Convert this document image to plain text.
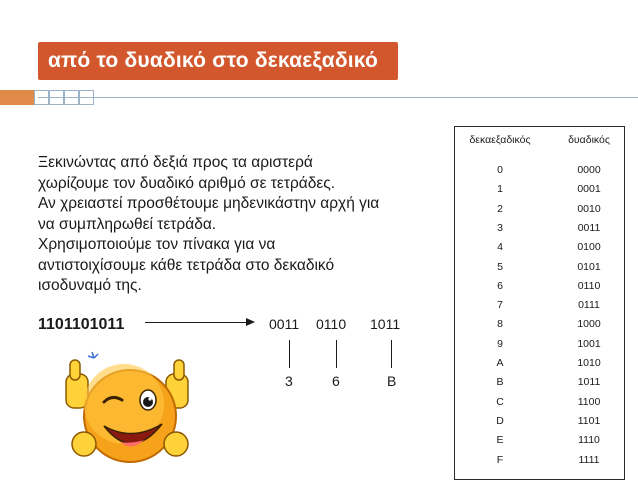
από το δυαδικό στο δεκαεξαδικό
Ξεκινώντας από δεξιά προς τα αριστερά
χωρίζουμε τον δυαδικό αριθμό σε τετράδες.
Αν χρειαστεί προσθέτουμε μηδενικάστην αρχή για
να συμπληρωθεί τετράδα.
Χρησιμοποιούμε τον πίνακα για να
αντιστοιχίσουμε κάθε τετράδα στο δεκαδικό
ισοδυναμό της.
1101101011	0011 0110 1011
3	6	B
δεκαεξαδικός	δυαδικός
0	0000
1	0001
2	0010
3	0011
4	0100
5	0101
6	0110
7	0111
8	1000
9	1001
A	1010
B	1011
C	1100
D	1101
E	1110
F	1111
